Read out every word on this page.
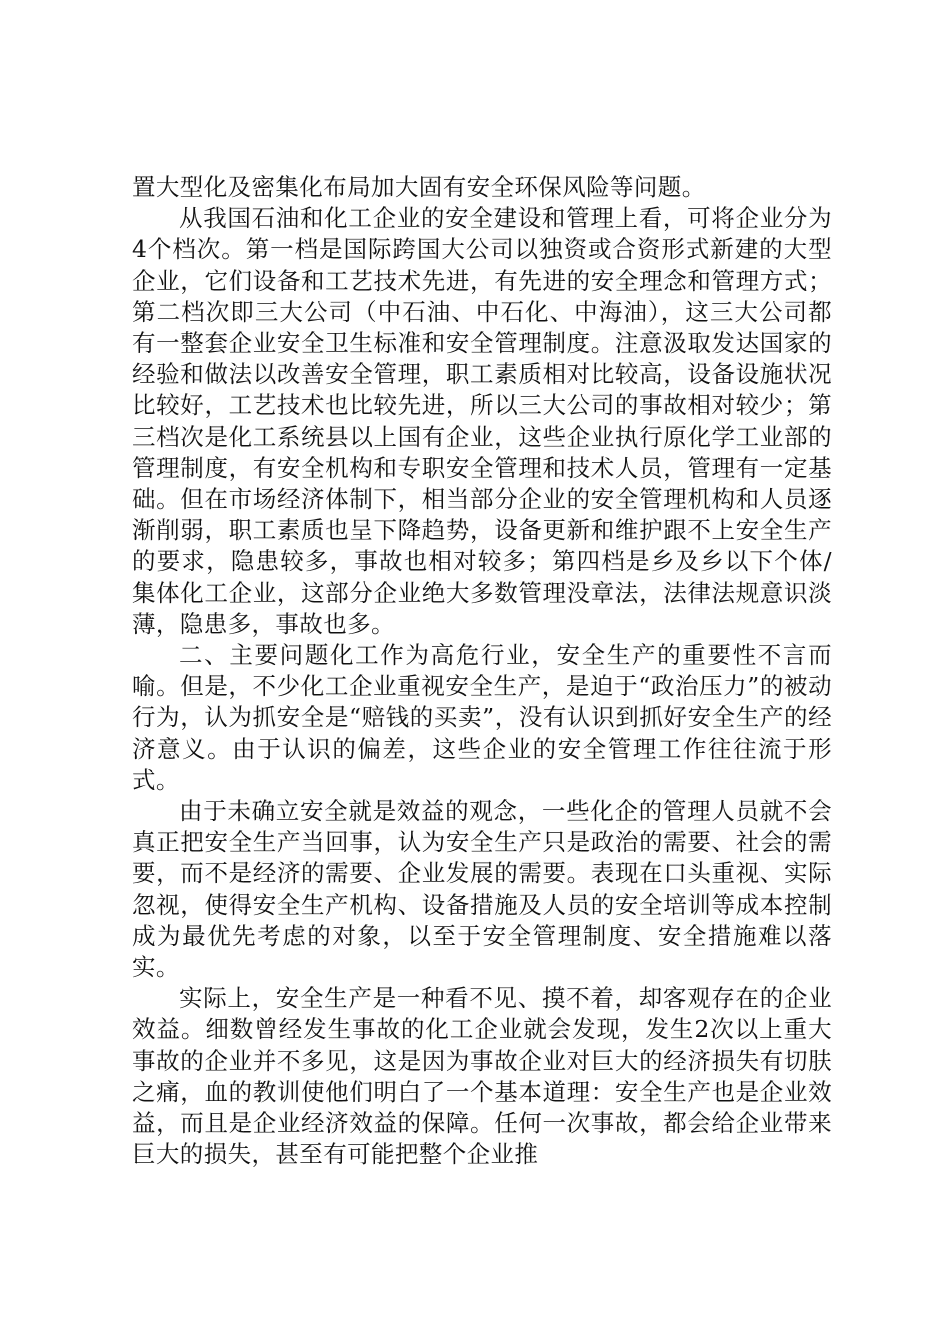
置大型化及密集化布局加大固有安全环保风险等问题。

从我国石油和化工企业的安全建设和管理上看，可将企业分为4个档次。第一档是国际跨国大公司以独资或合资形式新建的大型企业，它们设备和工艺技术先进，有先进的安全理念和管理方式；第二档次即三大公司（中石油、中石化、中海油），这三大公司都有一整套企业安全卫生标准和安全管理制度。注意汲取发达国家的经验和做法以改善安全管理，职工素质相对比较高，设备设施状况比较好，工艺技术也比较先进，所以三大公司的事故相对较少；第三档次是化工系统县以上国有企业，这些企业执行原化学工业部的管理制度，有安全机构和专职安全管理和技术人员，管理有一定基础。但在市场经济体制下，相当部分企业的安全管理机构和人员逐渐削弱，职工素质也呈下降趋势，设备更新和维护跟不上安全生产的要求，隐患较多，事故也相对较多；第四档是乡及乡以下个体/集体化工企业，这部分企业绝大多数管理没章法，法律法规意识淡薄，隐患多，事故也多。

二、主要问题化工作为高危行业，安全生产的重要性不言而喻。但是，不少化工企业重视安全生产，是迫于“政治压力”的被动行为，认为抓安全是“赔钱的买卖”，没有认识到抓好安全生产的经济意义。由于认识的偏差，这些企业的安全管理工作往往流于形式。

由于未确立安全就是效益的观念，一些化企的管理人员就不会真正把安全生产当回事，认为安全生产只是政治的需要、社会的需要，而不是经济的需要、企业发展的需要。表现在口头重视、实际忽视，使得安全生产机构、设备措施及人员的安全培训等成本控制成为最优先考虑的对象，以至于安全管理制度、安全措施难以落实。

实际上，安全生产是一种看不见、摸不着，却客观存在的企业效益。细数曾经发生事故的化工企业就会发现，发生2次以上重大事故的企业并不多见，这是因为事故企业对巨大的经济损失有切肤之痛，血的教训使他们明白了一个基本道理：安全生产也是企业效益，而且是企业经济效益的保障。任何一次事故，都会给企业带来巨大的损失，甚至有可能把整个企业推
